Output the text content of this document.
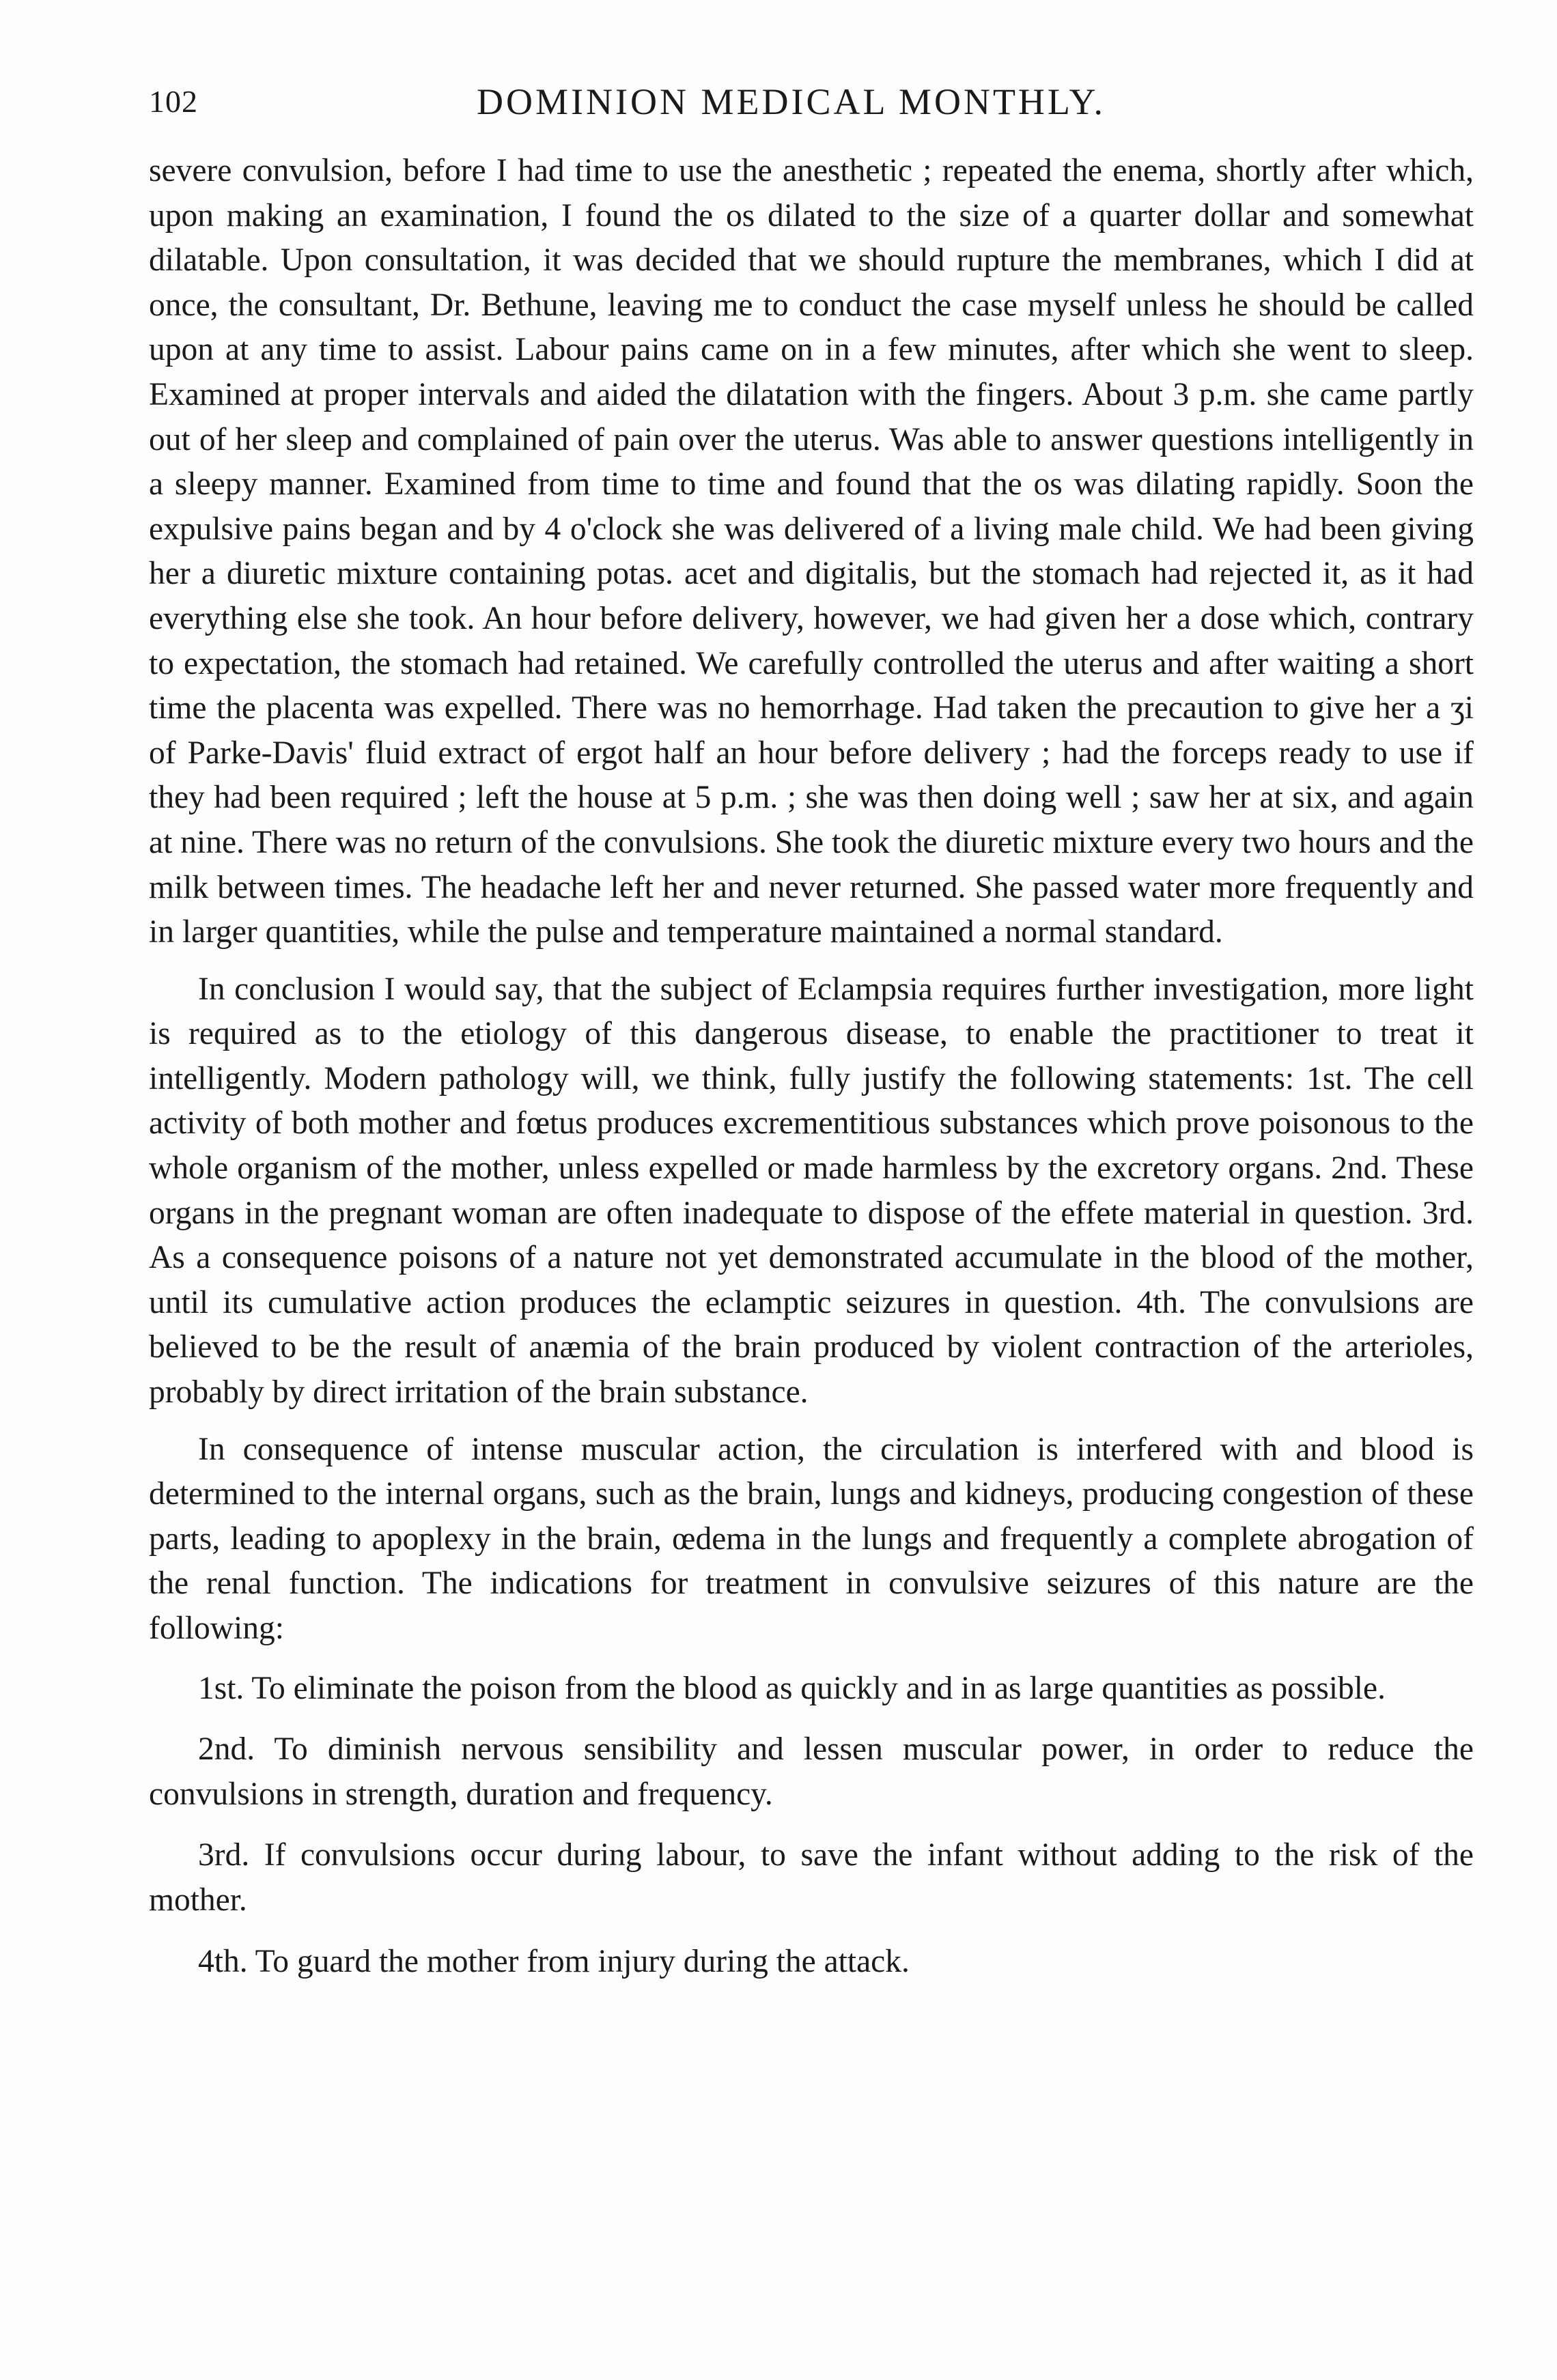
102	DOMINION MEDICAL MONTHLY.

severe convulsion, before I had time to use the anesthetic ; repeated the enema, shortly after which, upon making an examination, I found the os dilated to the size of a quarter dollar and somewhat dilatable. Upon consultation, it was decided that we should rupture the membranes, which I did at once, the consultant, Dr. Bethune, leaving me to conduct the case myself unless he should be called upon at any time to assist. Labour pains came on in a few minutes, after which she went to sleep. Examined at proper intervals and aided the dilatation with the fingers. About 3 p.m. she came partly out of her sleep and complained of pain over the uterus. Was able to answer questions intelligently in a sleepy manner. Examined from time to time and found that the os was dilating rapidly. Soon the expulsive pains began and by 4 o'clock she was delivered of a living male child. We had been giving her a diuretic mixture containing potas. acet and digitalis, but the stomach had rejected it, as it had everything else she took. An hour before delivery, however, we had given her a dose which, contrary to expectation, the stomach had retained. We carefully controlled the uterus and after waiting a short time the placenta was expelled. There was no hemorrhage. Had taken the precaution to give her a ʒi of Parke-Davis' fluid extract of ergot half an hour before delivery ; had the forceps ready to use if they had been required ; left the house at 5 p.m. ; she was then doing well ; saw her at six, and again at nine. There was no return of the convulsions. She took the diuretic mixture every two hours and the milk between times. The headache left her and never returned. She passed water more frequently and in larger quantities, while the pulse and temperature maintained a normal standard.

In conclusion I would say, that the subject of Eclampsia requires further investigation, more light is required as to the etiology of this dangerous disease, to enable the practitioner to treat it intelligently. Modern pathology will, we think, fully justify the following statements: 1st. The cell activity of both mother and fœtus produces excrementitious substances which prove poisonous to the whole organism of the mother, unless expelled or made harmless by the excretory organs. 2nd. These organs in the pregnant woman are often inadequate to dispose of the effete material in question. 3rd. As a consequence poisons of a nature not yet demonstrated accumulate in the blood of the mother, until its cumulative action produces the eclamptic seizures in question. 4th. The convulsions are believed to be the result of anæmia of the brain produced by violent contraction of the arterioles, probably by direct irritation of the brain substance.

In consequence of intense muscular action, the circulation is interfered with and blood is determined to the internal organs, such as the brain, lungs and kidneys, producing congestion of these parts, leading to apoplexy in the brain, œdema in the lungs and frequently a complete abrogation of the renal function. The indications for treatment in convulsive seizures of this nature are the following:

1st. To eliminate the poison from the blood as quickly and in as large quantities as possible.

2nd. To diminish nervous sensibility and lessen muscular power, in order to reduce the convulsions in strength, duration and frequency.

3rd. If convulsions occur during labour, to save the infant without adding to the risk of the mother.

4th. To guard the mother from injury during the attack.
